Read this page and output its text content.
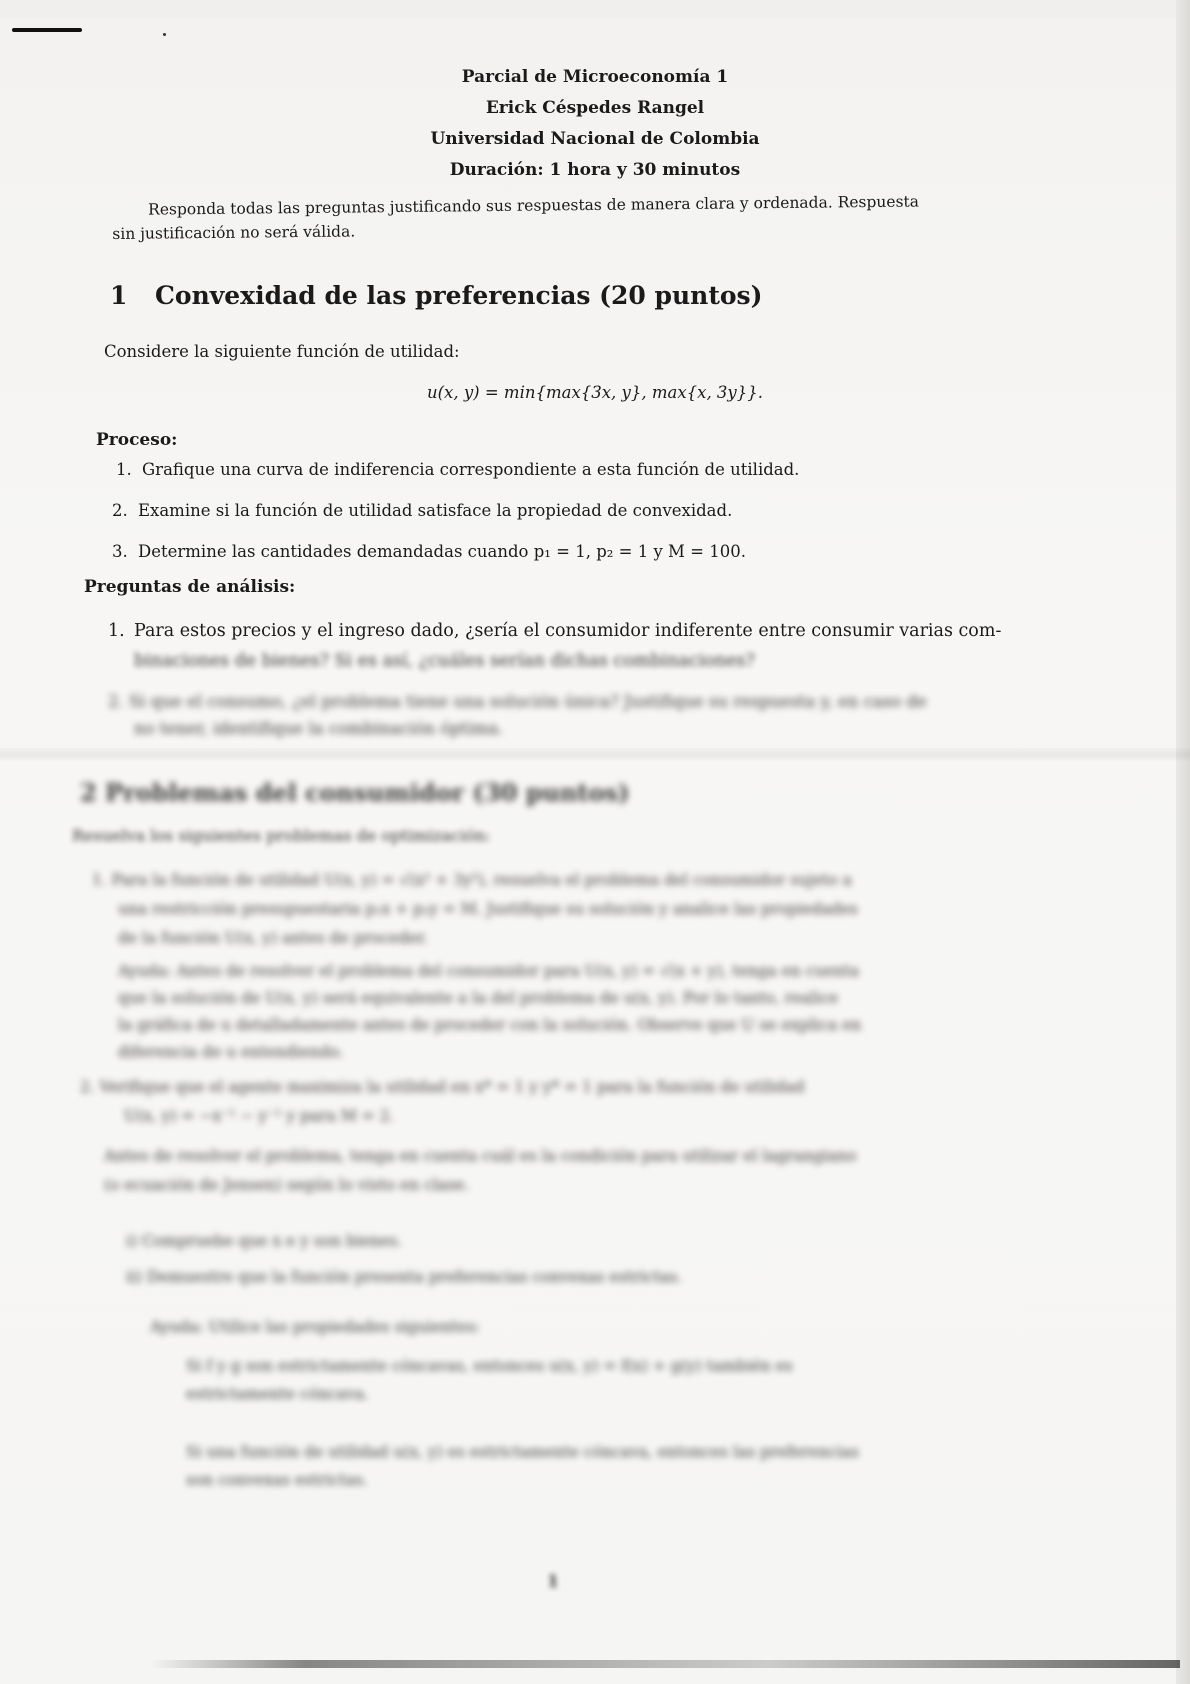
Parcial de Microeconomía 1
Erick Céspedes Rangel
Universidad Nacional de Colombia
Duración: 1 hora y 30 minutos
Responda todas las preguntas justificando sus respuestas de manera clara y ordenada. Respuesta
sin justificación no será válida.
1 Convexidad de las preferencias (20 puntos)
Considere la siguiente función de utilidad:
u(x, y) = min{max{3x, y}, max{x, 3y}}.
Proceso:
1. Grafique una curva de indiferencia correspondiente a esta función de utilidad.
2. Examine si la función de utilidad satisface la propiedad de convexidad.
3. Determine las cantidades demandadas cuando p₁ = 1, p₂ = 1 y M = 100.
Preguntas de análisis:
1. Para estos precios y el ingreso dado, ¿sería el consumidor indiferente entre consumir varias com-
binaciones de bienes? Si es así, ¿cuáles serían dichas combinaciones?
2. Si que el consumo, ¿el problema tiene una solución única? Justifique su respuesta y, en caso de
no tener, identifique la combinación óptima.
2 Problemas del consumidor (30 puntos)
Resuelva los siguientes problemas de optimización:
1. Para la función de utilidad U(x, y) = √(x² + 3y²), resuelva el problema del consumidor sujeto a
una restricción presupuestaria p₁x + p₂y = M. Justifique su solución y analice las propiedades
de la función U(x, y) antes de proceder.
Ayuda: Antes de resolver el problema del consumidor para U(x, y) = √(x + y), tenga en cuenta
que la solución de U(x, y) será equivalente a la del problema de u(x, y). Por lo tanto, realice
la gráfica de u detalladamente antes de proceder con la solución. Observe que U se explica en
diferencia de u entendiendo.
2. Verifique que el agente maximiza la utilidad en x* = 1 y y* = 1 para la función de utilidad
U(x, y) = −x⁻¹ − y⁻¹ y para M = 2.
Antes de resolver el problema, tenga en cuenta cuál es la condición para utilizar el lagrangiano
(o ecuación de Jensen) según lo visto en clase.
i) Compruebe que x e y son bienes.
ii) Demuestre que la función presenta preferencias convexas estrictas.
Ayuda: Utilice las propiedades siguientes:
Si f y g son estrictamente cóncavas, entonces u(x, y) = f(x) + g(y) también es
estrictamente cóncava.
Si una función de utilidad u(x, y) es estrictamente cóncava, entonces las preferencias
son convexas estrictas.
1
